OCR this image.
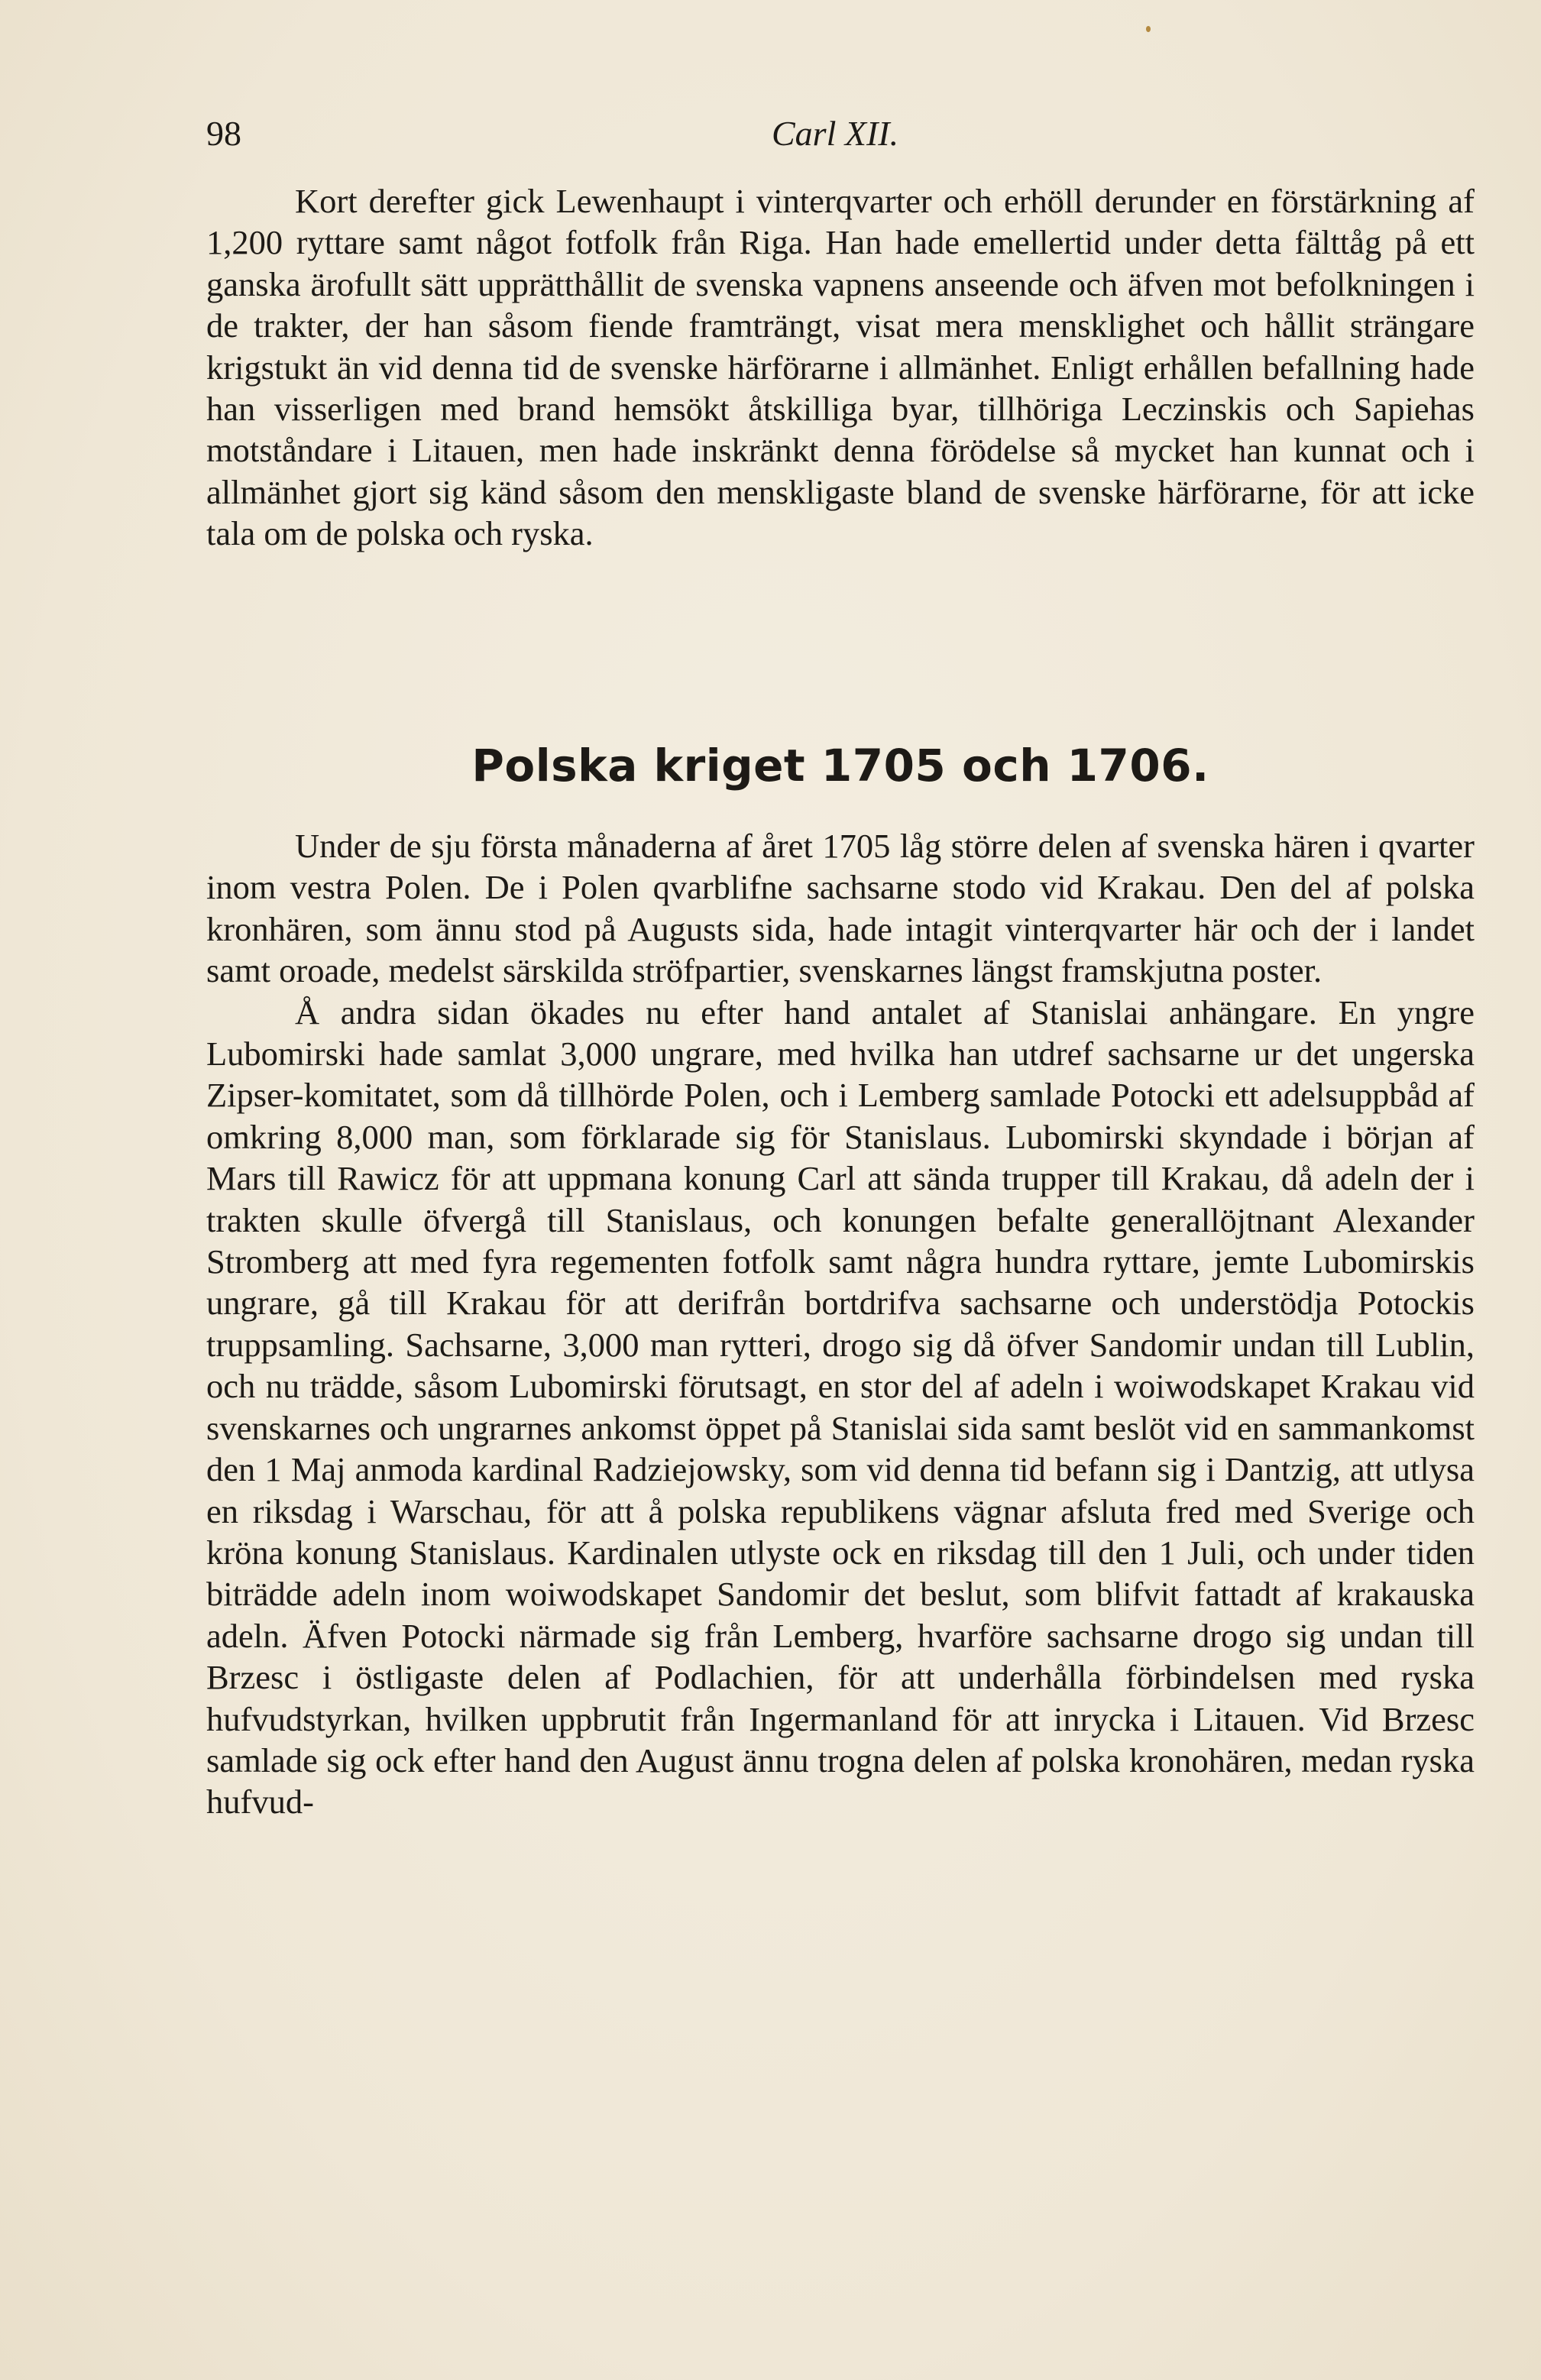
98	Carl XII.

Kort derefter gick Lewenhaupt i vinterqvarter och erhöll derunder en förstärkning af 1,200 ryttare samt något fotfolk från Riga. Han hade emellertid under detta fälttåg på ett ganska ärofullt sätt upprätthållit de svenska vapnens anseende och äfven mot befolkningen i de trakter, der han såsom fiende framträngt, visat mera mensklighet och hållit strängare krigstukt än vid denna tid de svenske härförarne i allmänhet. Enligt erhållen befallning hade han visserligen med brand hemsökt åtskilliga byar, tillhöriga Leczinskis och Sapiehas motståndare i Litauen, men hade inskränkt denna förödelse så mycket han kunnat och i allmänhet gjort sig känd såsom den menskligaste bland de svenske härförarne, för att icke tala om de polska och ryska.

Polska kriget 1705 och 1706.

Under de sju första månaderna af året 1705 låg större delen af svenska hären i qvarter inom vestra Polen. De i Polen qvarblifne sachsarne stodo vid Krakau. Den del af polska kronhären, som ännu stod på Augusts sida, hade intagit vinterqvarter här och der i landet samt oroade, medelst särskilda ströfpartier, svenskarnes längst framskjutna poster.

Å andra sidan ökades nu efter hand antalet af Stanislai anhängare. En yngre Lubomirski hade samlat 3,000 ungrare, med hvilka han utdref sachsarne ur det ungerska Zipser-komitatet, som då tillhörde Polen, och i Lemberg samlade Potocki ett adelsuppbåd af omkring 8,000 man, som förklarade sig för Stanislaus. Lubomirski skyndade i början af Mars till Rawicz för att uppmana konung Carl att sända trupper till Krakau, då adeln der i trakten skulle öfvergå till Stanislaus, och konungen befalte generallöjtnant Alexander Stromberg att med fyra regementen fotfolk samt några hundra ryttare, jemte Lubomirskis ungrare, gå till Krakau för att derifrån bortdrifva sachsarne och understödja Potockis truppsamling. Sachsarne, 3,000 man rytteri, drogo sig då öfver Sandomir undan till Lublin, och nu trädde, såsom Lubomirski förutsagt, en stor del af adeln i woiwodskapet Krakau vid svenskarnes och ungrarnes ankomst öppet på Stanislai sida samt beslöt vid en sammankomst den 1 Maj anmoda kardinal Radziejowsky, som vid denna tid befann sig i Dantzig, att utlysa en riksdag i Warschau, för att å polska republikens vägnar afsluta fred med Sverige och kröna konung Stanislaus. Kardinalen utlyste ock en riksdag till den 1 Juli, och under tiden biträdde adeln inom woiwodskapet Sandomir det beslut, som blifvit fattadt af krakauska adeln. Äfven Potocki närmade sig från Lemberg, hvarföre sachsarne drogo sig undan till Brzesc i östligaste delen af Podlachien, för att underhålla förbindelsen med ryska hufvudstyrkan, hvilken uppbrutit från Ingermanland för att inrycka i Litauen. Vid Brzesc samlade sig ock efter hand den August ännu trogna delen af polska kronohären, medan ryska hufvud-
